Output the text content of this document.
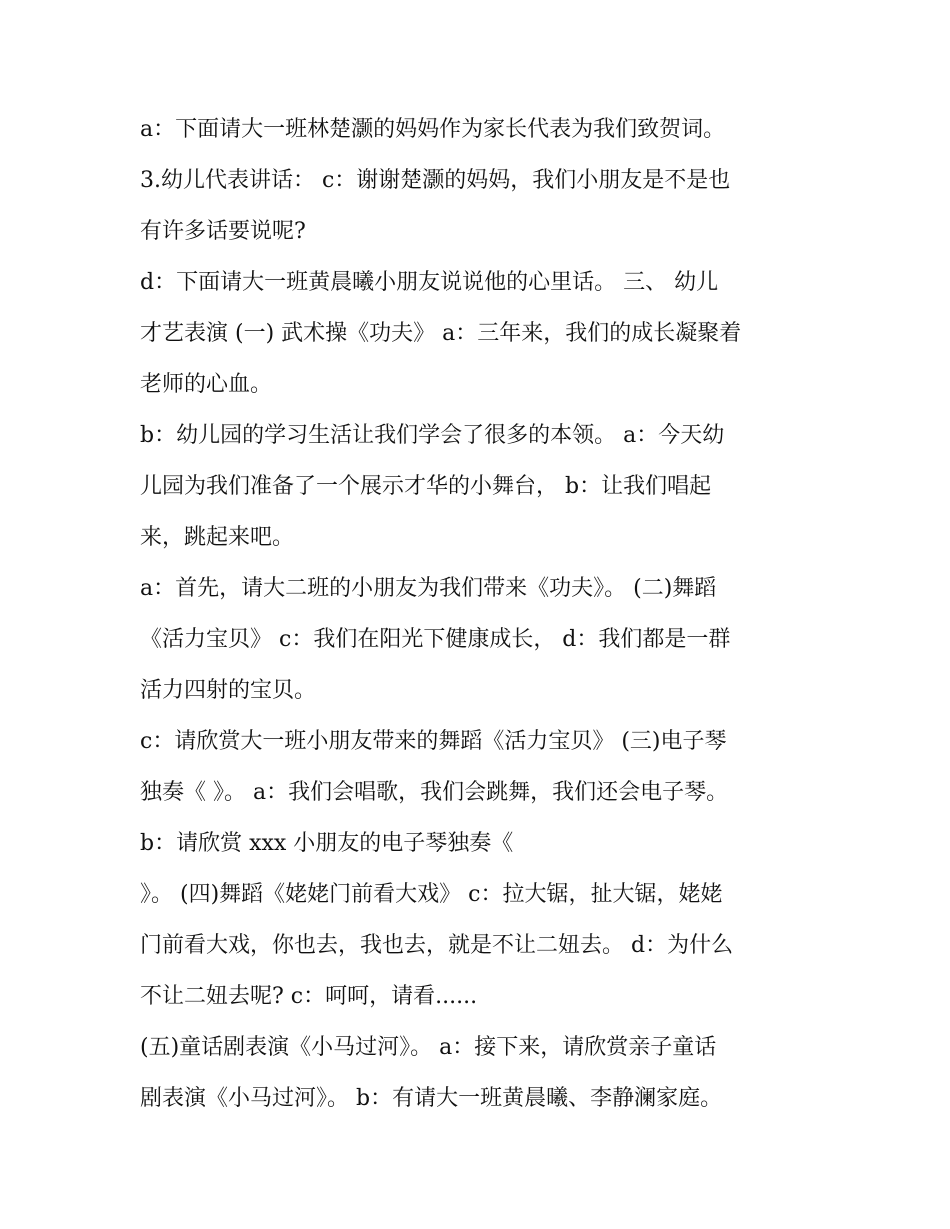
a：下面请大一班林楚灏的妈妈作为家长代表为我们致贺词。
3.幼儿代表讲话： c：谢谢楚灏的妈妈，我们小朋友是不是也
有许多话要说呢?
d：下面请大一班黄晨曦小朋友说说他的心里话。 三、 幼儿
才艺表演 (一) 武术操《功夫》 a：三年来，我们的成长凝聚着
老师的心血。
b：幼儿园的学习生活让我们学会了很多的本领。 a：今天幼
儿园为我们准备了一个展示才华的小舞台， b：让我们唱起
来，跳起来吧。
a：首先，请大二班的小朋友为我们带来《功夫》。 (二)舞蹈
《活力宝贝》 c：我们在阳光下健康成长， d：我们都是一群
活力四射的宝贝。
c：请欣赏大一班小朋友带来的舞蹈《活力宝贝》 (三)电子琴
独奏《 》。 a：我们会唱歌，我们会跳舞，我们还会电子琴。
b：请欣赏 xxx 小朋友的电子琴独奏《
》。 (四)舞蹈《姥姥门前看大戏》 c：拉大锯，扯大锯，姥姥
门前看大戏，你也去，我也去，就是不让二妞去。 d：为什么
不让二妞去呢? c：呵呵，请看......
(五)童话剧表演《小马过河》。 a：接下来，请欣赏亲子童话
剧表演《小马过河》。 b：有请大一班黄晨曦、李静澜家庭。
